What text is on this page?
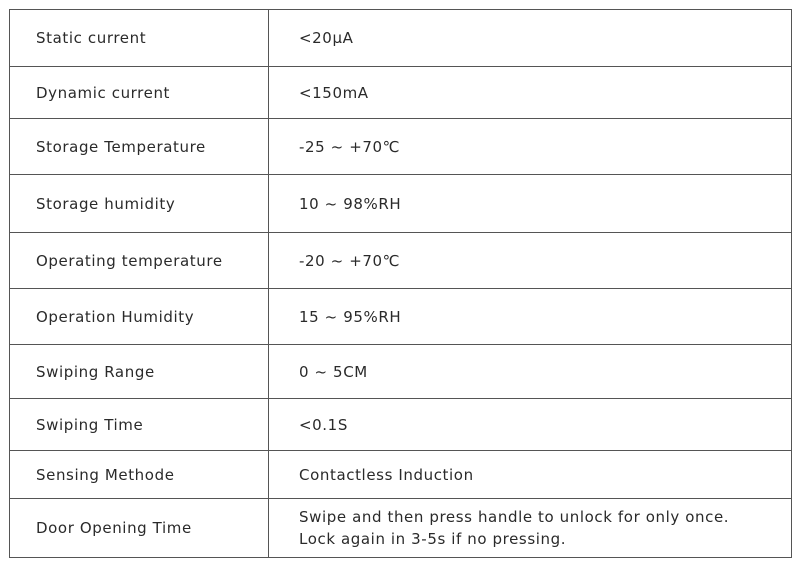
Static current	<20μA
Dynamic current	<150mA
Storage Temperature	-25 ~ +70℃
Storage humidity	10 ~ 98%RH
Operating temperature	-20 ~ +70℃
Operation Humidity	15 ~ 95%RH
Swiping Range	0 ~ 5CM
Swiping Time	<0.1S
Sensing Methode	Contactless Induction
Door Opening Time	Swipe and then press handle to unlock for only once.
Lock again in 3-5s if no pressing.
